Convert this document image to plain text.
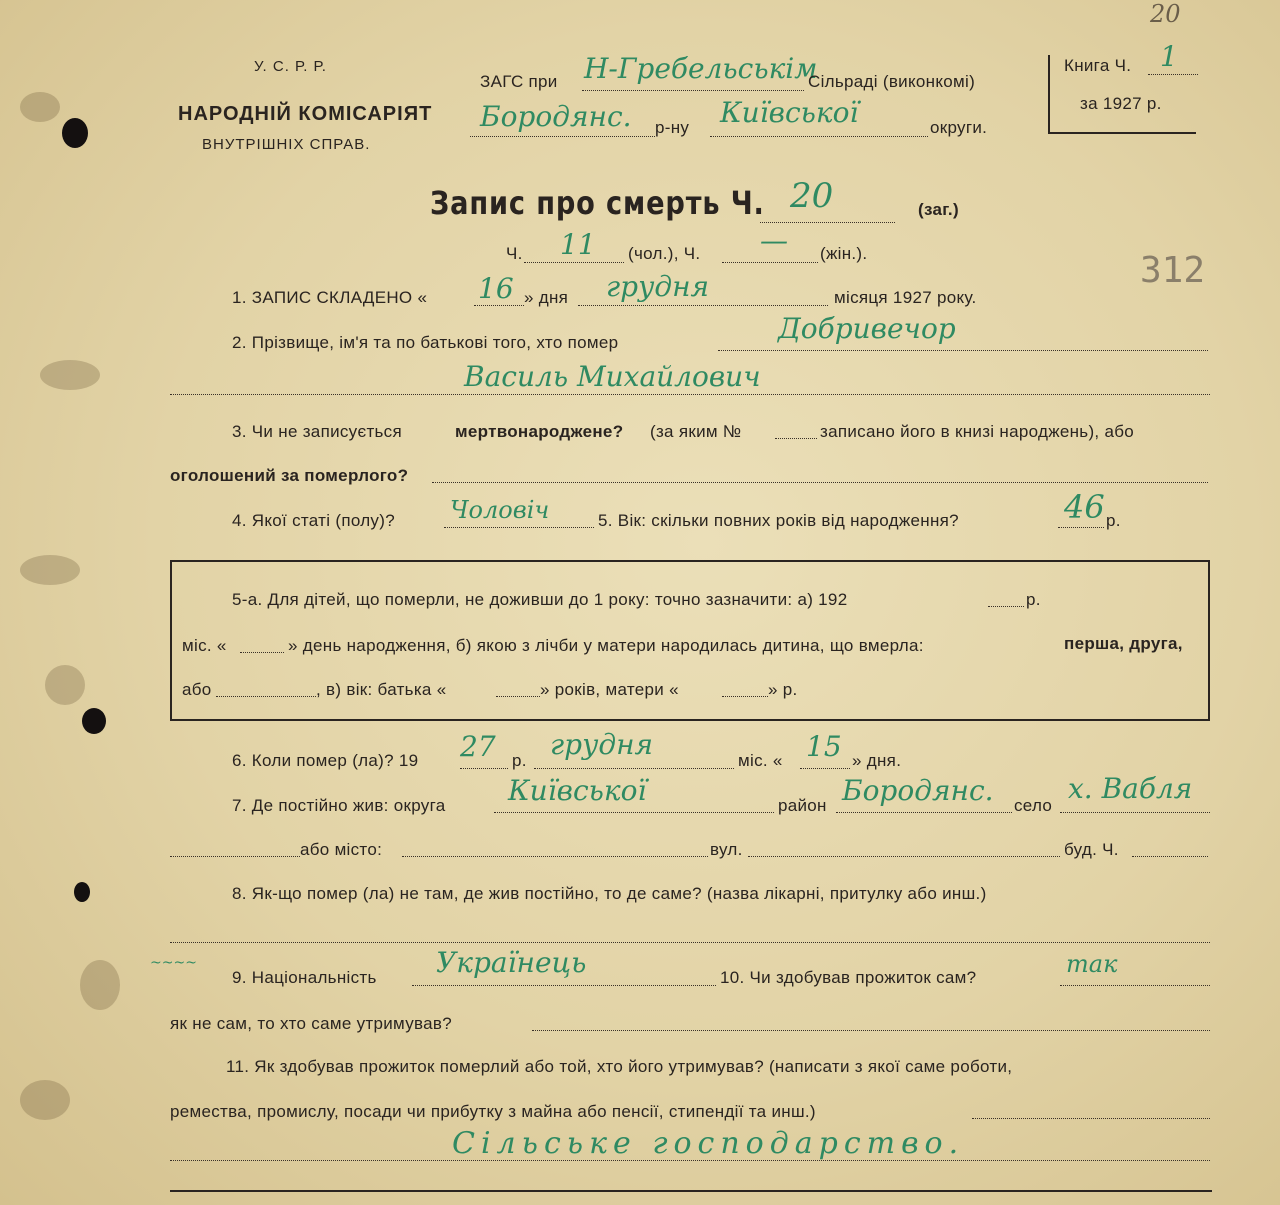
20
312
У. С. Р. Р.
НАРОДНІЙ КОМІСАРІЯТ
ВНУТРІШНІХ СПРАВ.
ЗАГС при Н-Гребельськім
Сільраді (виконкомі)
Бородянс. р-ну Київської	округи.
Книга Ч. 1
за 1927 р.
Запис про смерть Ч. 20	(заг.)
Ч. 11 (чол.), Ч. — (жін.).
1. ЗАПИС СКЛАДЕНО « 16 » дня грудня	місяця 1927 року.
2. Прізвище, ім'я та по батькові того, хто помер	Добривечор
Василь Михайлович
3. Чи не записується	мертвонароджене? (за яким №	записано його в книзі народжень), або
оголошений за померлого?
4. Якої статі (полу)? Чоловіч	5. Вік: скільки повних років від народження?	46 р.
5-а. Для дітей, що померли, не доживши до 1 року: точно зазначити: а) 192	р.
міс. «	» день народження, б) якою з лічби у матери народилась дитина, що вмерла:	перша, друга,
або	, в) вік: батька «	» років, матери «	» р.
6. Коли помер (ла)? 19 27 р. грудня	міс. « 15 » дня.
7. Де постійно жив: округа Київської	район Бородянс. село
х. Вабля
або місто:	вул.	буд. Ч.
8. Як-що помер (ла) не там, де жив постійно, то де саме? (назва лікарні, притулку або инш.)
~~~~
9. Національність Українець	10. Чи здобував прожиток сам?	так
як не сам, то хто саме утримував?
11. Як здобував прожиток померлий або той, хто його утримував? (написати з якої саме роботи,
ремества, промислу, посади чи прибутку з майна або пенсії, стипендії та инш.)
Сільське господарство.
